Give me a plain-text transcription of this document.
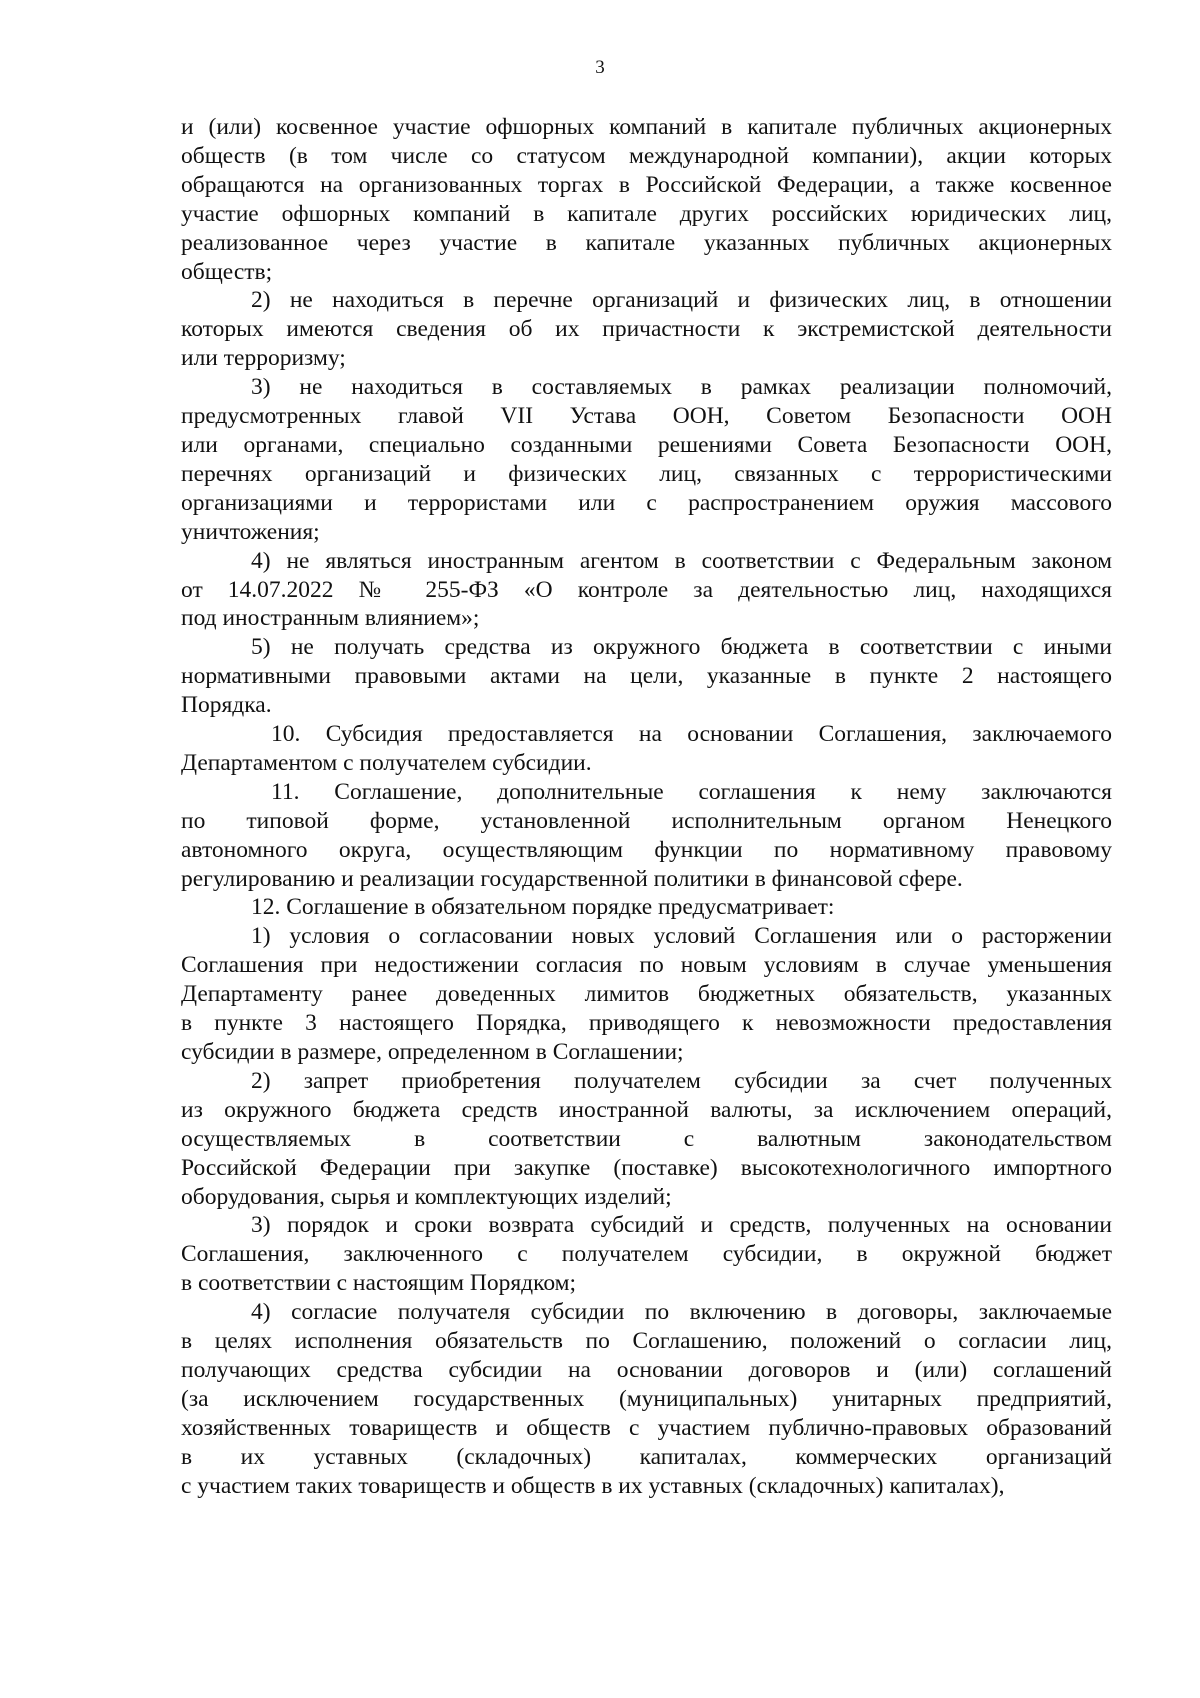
3
и (или) косвенное участие офшорных компаний в капитале публичных акционерных
обществ (в том числе со статусом международной компании), акции которых
обращаются на организованных торгах в Российской Федерации, а также косвенное
участие офшорных компаний в капитале других российских юридических лиц,
реализованное через участие в капитале указанных публичных акционерных
обществ;
2) не находиться в перечне организаций и физических лиц, в отношении
которых имеются сведения об их причастности к экстремистской деятельности
или терроризму;
3) не находиться в составляемых в рамках реализации полномочий,
предусмотренных главой VII Устава ООН, Советом Безопасности ООН
или органами, специально созданными решениями Совета Безопасности ООН,
перечнях организаций и физических лиц, связанных с террористическими
организациями и террористами или с распространением оружия массового
уничтожения;
4) не являться иностранным агентом в соответствии с Федеральным законом
от 14.07.2022 № 255-ФЗ «О контроле за деятельностью лиц, находящихся
под иностранным влиянием»;
5) не получать средства из окружного бюджета в соответствии с иными
нормативными правовыми актами на цели, указанные в пункте 2 настоящего
Порядка.
10. Субсидия предоставляется на основании Соглашения, заключаемого
Департаментом с получателем субсидии.
11. Соглашение, дополнительные соглашения к нему заключаются
по типовой форме, установленной исполнительным органом Ненецкого
автономного округа, осуществляющим функции по нормативному правовому
регулированию и реализации государственной политики в финансовой сфере.
12. Соглашение в обязательном порядке предусматривает:
1) условия о согласовании новых условий Соглашения или о расторжении
Соглашения при недостижении согласия по новым условиям в случае уменьшения
Департаменту ранее доведенных лимитов бюджетных обязательств, указанных
в пункте 3 настоящего Порядка, приводящего к невозможности предоставления
субсидии в размере, определенном в Соглашении;
2) запрет приобретения получателем субсидии за счет полученных
из окружного бюджета средств иностранной валюты, за исключением операций,
осуществляемых в соответствии с валютным законодательством
Российской Федерации при закупке (поставке) высокотехнологичного импортного
оборудования, сырья и комплектующих изделий;
3) порядок и сроки возврата субсидий и средств, полученных на основании
Соглашения, заключенного с получателем субсидии, в окружной бюджет
в соответствии с настоящим Порядком;
4) согласие получателя субсидии по включению в договоры, заключаемые
в целях исполнения обязательств по Соглашению, положений о согласии лиц,
получающих средства субсидии на основании договоров и (или) соглашений
(за исключением государственных (муниципальных) унитарных предприятий,
хозяйственных товариществ и обществ с участием публично-правовых образований
в их уставных (складочных) капиталах, коммерческих организаций
с участием таких товариществ и обществ в их уставных (складочных) капиталах),
